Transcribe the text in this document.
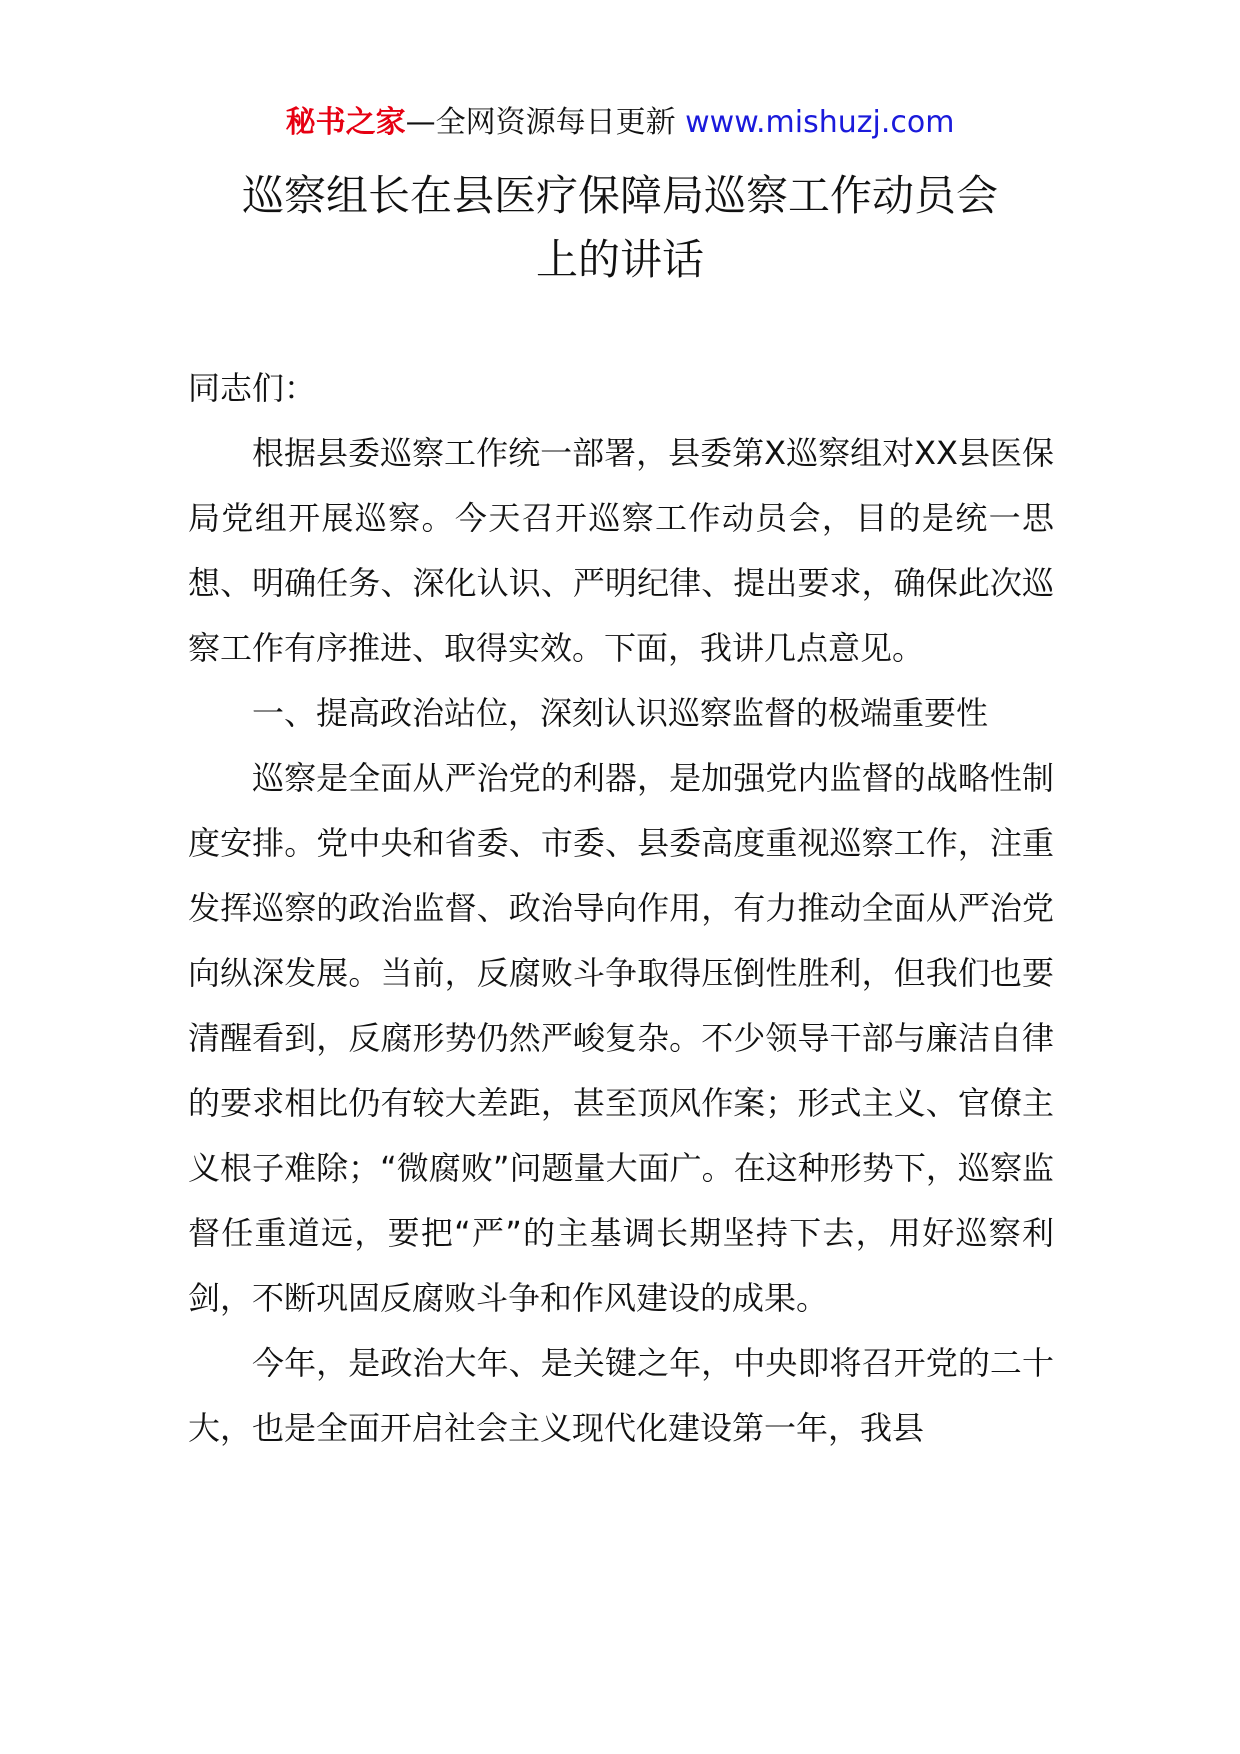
秘书之家—全网资源每日更新 www.mishuzj.com
巡察组长在县医疗保障局巡察工作动员会
上的讲话

同志们：

根据县委巡察工作统一部署，县委第X巡察组对XX县医保局党组开展巡察。今天召开巡察工作动员会，目的是统一思想、明确任务、深化认识、严明纪律、提出要求，确保此次巡察工作有序推进、取得实效。下面，我讲几点意见。

一、提高政治站位，深刻认识巡察监督的极端重要性

巡察是全面从严治党的利器，是加强党内监督的战略性制度安排。党中央和省委、市委、县委高度重视巡察工作，注重发挥巡察的政治监督、政治导向作用，有力推动全面从严治党向纵深发展。当前，反腐败斗争取得压倒性胜利，但我们也要清醒看到，反腐形势仍然严峻复杂。不少领导干部与廉洁自律的要求相比仍有较大差距，甚至顶风作案；形式主义、官僚主义根子难除；“微腐败”问题量大面广。在这种形势下，巡察监督任重道远，要把“严”的主基调长期坚持下去，用好巡察利剑，不断巩固反腐败斗争和作风建设的成果。

今年，是政治大年、是关键之年，中央即将召开党的二十大，也是全面开启社会主义现代化建设第一年，我县
